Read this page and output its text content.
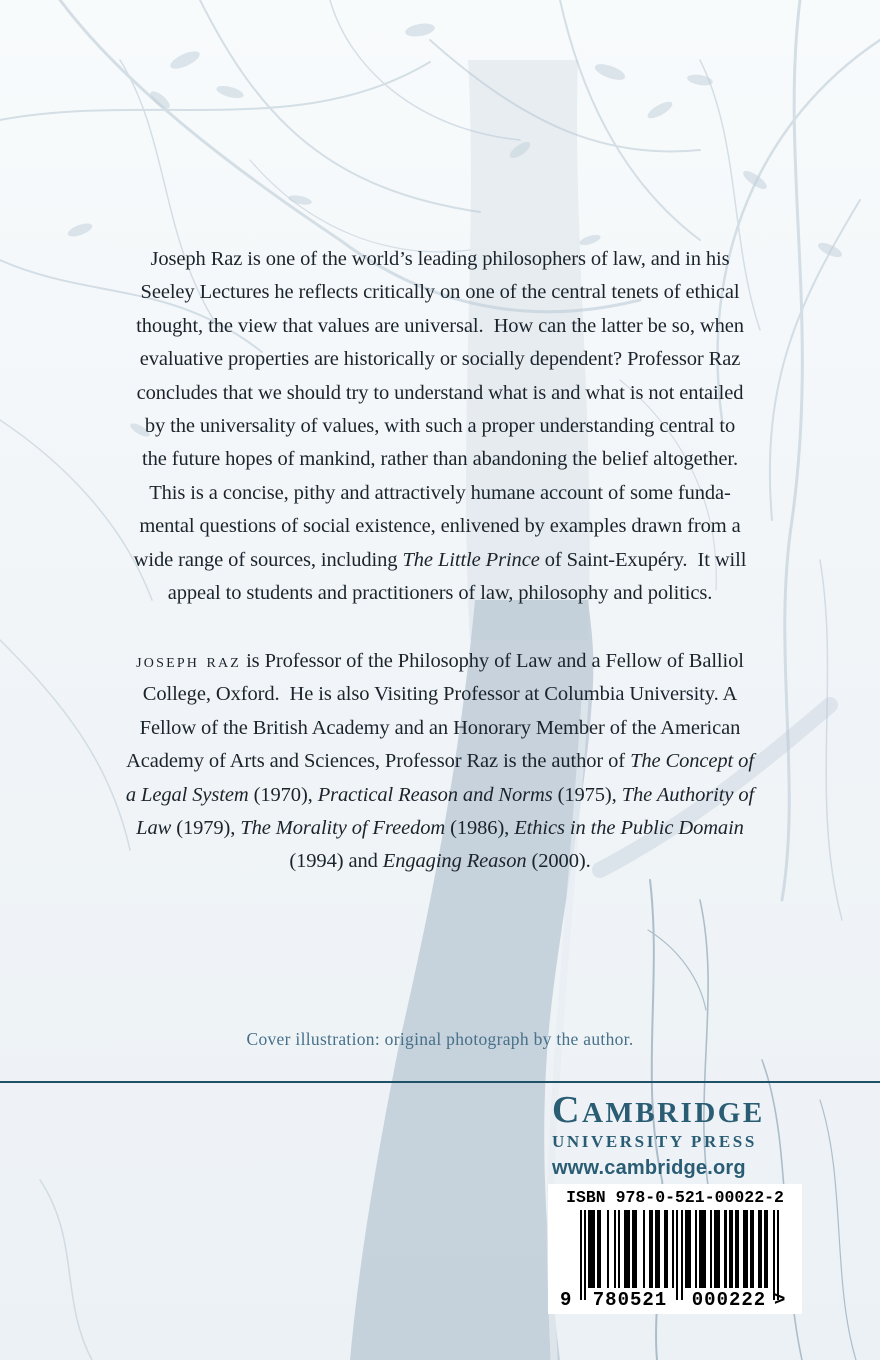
Joseph Raz is one of the world’s leading philosophers of law, and in his
Seeley Lectures he reflects critically on one of the central tenets of ethical
thought, the view that values are universal.  How can the latter be so, when
evaluative properties are historically or socially dependent? Professor Raz
concludes that we should try to understand what is and what is not entailed
by the universality of values, with such a proper understanding central to
the future hopes of mankind, rather than abandoning the belief altogether.
This is a concise, pithy and attractively humane account of some funda-
mental questions of social existence, enlivened by examples drawn from a
wide range of sources, including The Little Prince of Saint-Exupéry.  It will
appeal to students and practitioners of law, philosophy and politics.
joseph raz is Professor of the Philosophy of Law and a Fellow of Balliol
College, Oxford.  He is also Visiting Professor at Columbia University. A
Fellow of the British Academy and an Honorary Member of the American
Academy of Arts and Sciences, Professor Raz is the author of The Concept of
a Legal System (1970), Practical Reason and Norms (1975), The Authority of
Law (1979), The Morality of Freedom (1986), Ethics in the Public Domain
(1994) and Engaging Reason (2000).
Cover illustration: original photograph by the author.
CAMBRIDGE
UNIVERSITY PRESS
www.cambridge.org
ISBN 978-0-521-00022-2
9	780521	000222 >
